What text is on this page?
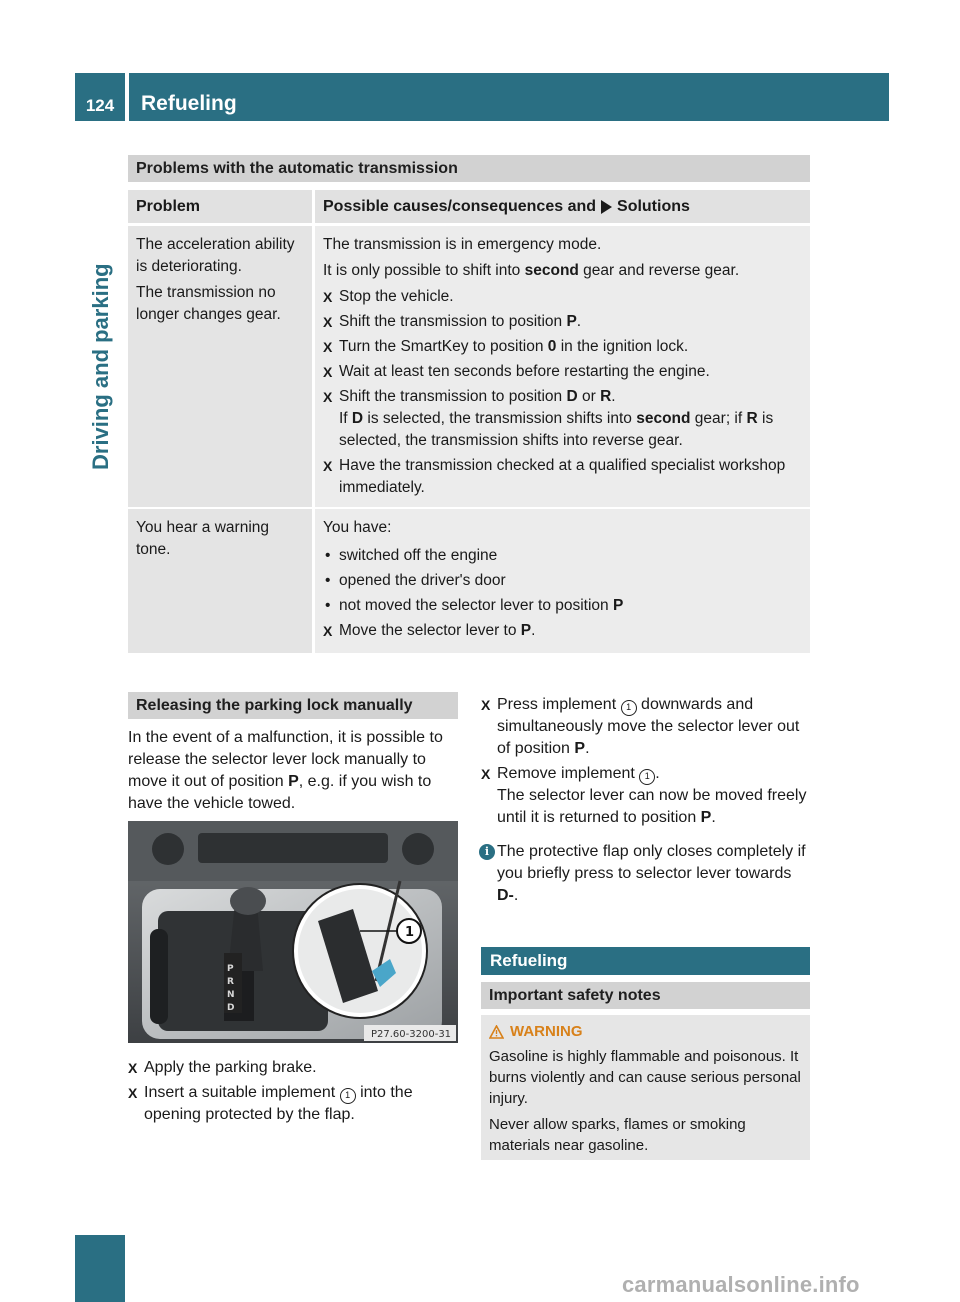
124	Refueling
Driving and parking
Problems with the automatic transmission
Problem	Possible causes/consequences and Solutions

The acceleration ability is deteriorating.

The transmission no longer changes gear.

The transmission is in emergency mode.

It is only possible to shift into second gear and reverse gear.

X Stop the vehicle.
X Shift the transmission to position P.
X Turn the SmartKey to position 0 in the ignition lock.
X Wait at least ten seconds before restarting the engine.
X Shift the transmission to position D or R.
If D is selected, the transmission shifts into second gear; if R is selected, the transmission shifts into reverse gear.
X Have the transmission checked at a qualified specialist workshop immediately.

You hear a warning tone.

You have:

• switched off the engine
• opened the driver's door
• not moved the selector lever to position P
X Move the selector lever to P.
Releasing the parking lock manually
In the event of a malfunction, it is possible to release the selector lever lock manually to move it out of position P, e.g. if you wish to have the vehicle towed.
P
R
N
D
1
P27.60-3200-31
X Apply the parking brake.
X Insert a suitable implement 1 into the opening protected by the flap.
X Press implement 1 downwards and simultaneously move the selector lever out of position P.
X Remove implement 1 .
The selector lever can now be moved freely until it is returned to position P.
i The protective flap only closes completely if you briefly press to selector lever towards D-.
Refueling
Important safety notes
WARNING

Gasoline is highly flammable and poisonous. It burns violently and can cause serious personal injury.

Never allow sparks, flames or smoking materials near gasoline.

carmanualsonline.info
